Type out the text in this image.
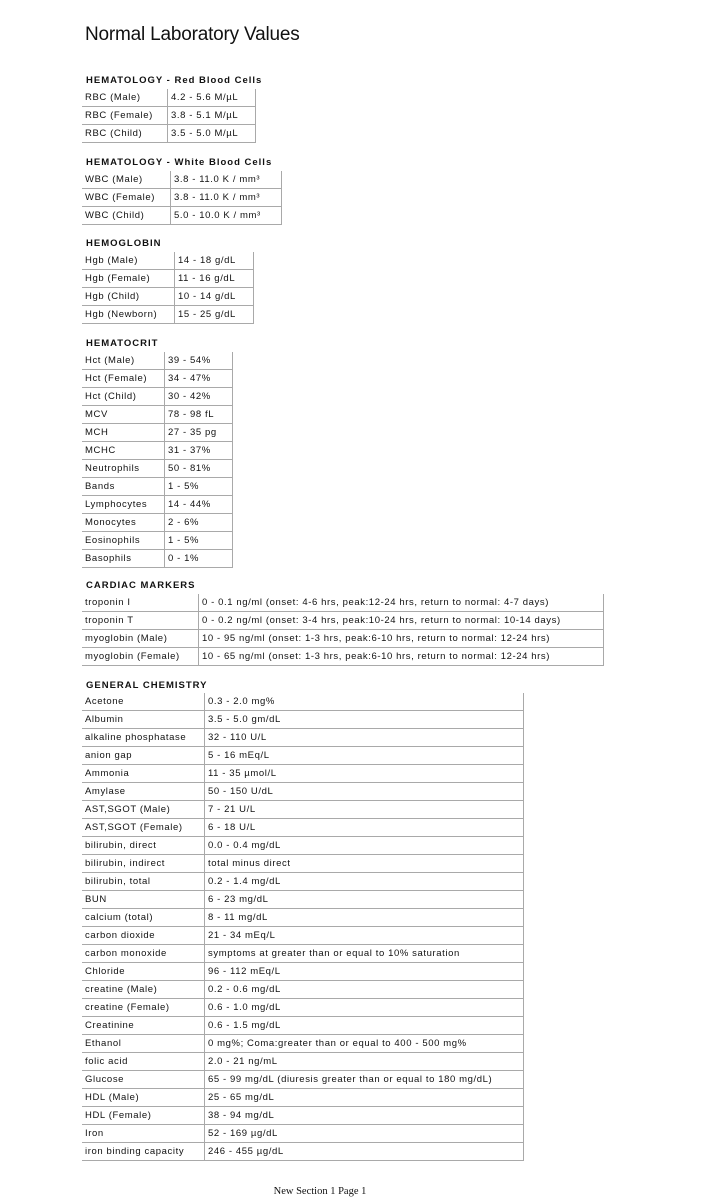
Normal Laboratory Values
HEMATOLOGY - Red Blood Cells
RBC (Male)	4.2 - 5.6 M/µL
RBC (Female)	3.8 - 5.1 M/µL
RBC (Child)	3.5 - 5.0 M/µL
HEMATOLOGY - White Blood Cells
WBC (Male)	3.8 - 11.0 K / mm³
WBC (Female)	3.8 - 11.0 K / mm³
WBC (Child)	5.0 - 10.0 K / mm³
HEMOGLOBIN
Hgb (Male)	14 - 18 g/dL
Hgb (Female)	11 - 16 g/dL
Hgb (Child)	10 - 14 g/dL
Hgb (Newborn)	15 - 25 g/dL
HEMATOCRIT
Hct (Male)	39 - 54%
Hct (Female)	34 - 47%
Hct (Child)	30 - 42%
MCV	78 - 98 fL
MCH	27 - 35 pg
MCHC	31 - 37%
Neutrophils	50 - 81%
Bands	1 - 5%
Lymphocytes	14 - 44%
Monocytes	2 - 6%
Eosinophils	1 - 5%
Basophils	0 - 1%
CARDIAC MARKERS
troponin I	0 - 0.1 ng/ml (onset: 4-6 hrs, peak:12-24 hrs, return to normal: 4-7 days)
troponin T	0 - 0.2 ng/ml (onset: 3-4 hrs, peak:10-24 hrs, return to normal: 10-14 days)
myoglobin (Male)	10 - 95 ng/ml (onset: 1-3 hrs, peak:6-10 hrs, return to normal: 12-24 hrs)
myoglobin (Female)	10 - 65 ng/ml (onset: 1-3 hrs, peak:6-10 hrs, return to normal: 12-24 hrs)
GENERAL CHEMISTRY
Acetone	0.3 - 2.0 mg%
Albumin	3.5 - 5.0 gm/dL
alkaline phosphatase	32 - 110 U/L
anion gap	5 - 16 mEq/L
Ammonia	11 - 35 µmol/L
Amylase	50 - 150 U/dL
AST,SGOT (Male)	7 - 21 U/L
AST,SGOT (Female)	6 - 18 U/L
bilirubin, direct	0.0 - 0.4 mg/dL
bilirubin, indirect	total minus direct
bilirubin, total	0.2 - 1.4 mg/dL
BUN	6 - 23 mg/dL
calcium (total)	8 - 11 mg/dL
carbon dioxide	21 - 34 mEq/L
carbon monoxide	symptoms at greater than or equal to 10% saturation
Chloride	96 - 112 mEq/L
creatine (Male)	0.2 - 0.6 mg/dL
creatine (Female)	0.6 - 1.0 mg/dL
Creatinine	0.6 - 1.5 mg/dL
Ethanol	0 mg%; Coma:greater than or equal to 400 - 500 mg%
folic acid	2.0 - 21 ng/mL
Glucose	65 - 99 mg/dL (diuresis greater than or equal to 180 mg/dL)
HDL (Male)	25 - 65 mg/dL
HDL (Female)	38 - 94 mg/dL
Iron	52 - 169 µg/dL
iron binding capacity	246 - 455 µg/dL
New Section 1 Page 1
